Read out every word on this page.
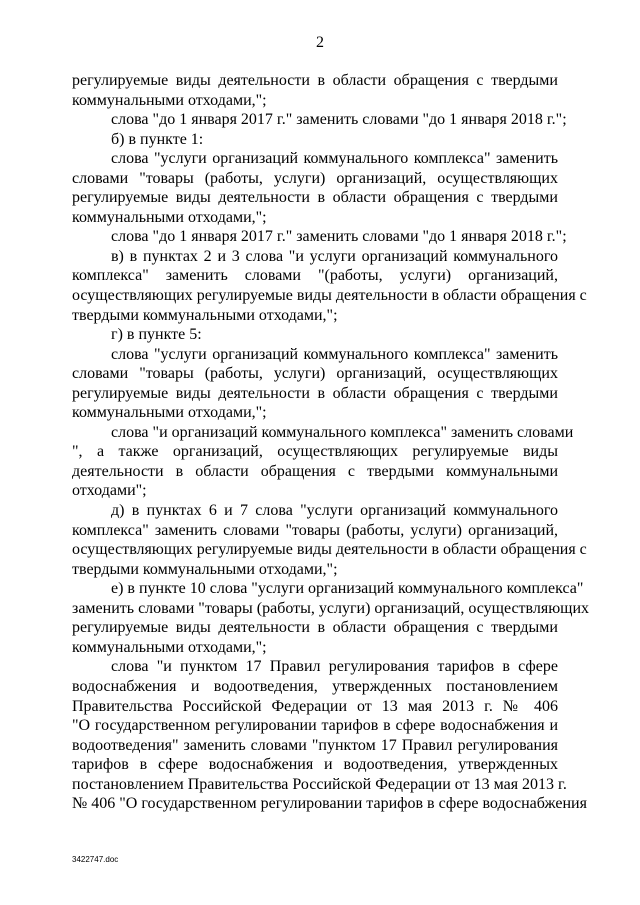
2
регулируемые виды деятельности в области обращения с твердыми
коммунальными отходами,";
слова "до 1 января 2017 г." заменить словами "до 1 января 2018 г.";
б) в пункте 1:
слова "услуги организаций коммунального комплекса" заменить
словами "товары (работы, услуги) организаций, осуществляющих
регулируемые виды деятельности в области обращения с твердыми
коммунальными отходами,";
слова "до 1 января 2017 г." заменить словами "до 1 января 2018 г.";
в) в пунктах 2 и 3 слова "и услуги организаций коммунального
комплекса" заменить словами "(работы, услуги) организаций,
осуществляющих регулируемые виды деятельности в области обращения с
твердыми коммунальными отходами,";
г) в пункте 5:
слова "услуги организаций коммунального комплекса" заменить
словами "товары (работы, услуги) организаций, осуществляющих
регулируемые виды деятельности в области обращения с твердыми
коммунальными отходами,";
слова "и организаций коммунального комплекса" заменить словами
", а также организаций, осуществляющих регулируемые виды
деятельности в области обращения с твердыми коммунальными
отходами";
д) в пунктах 6 и 7 слова "услуги организаций коммунального
комплекса" заменить словами "товары (работы, услуги) организаций,
осуществляющих регулируемые виды деятельности в области обращения с
твердыми коммунальными отходами,";
е) в пункте 10 слова "услуги организаций коммунального комплекса"
заменить словами "товары (работы, услуги) организаций, осуществляющих
регулируемые виды деятельности в области обращения с твердыми
коммунальными отходами,";
слова "и пунктом 17 Правил регулирования тарифов в сфере
водоснабжения и водоотведения, утвержденных постановлением
Правительства Российской Федерации от 13 мая 2013 г. № 406
"О государственном регулировании тарифов в сфере водоснабжения и
водоотведения" заменить словами "пунктом 17 Правил регулирования
тарифов в сфере водоснабжения и водоотведения, утвержденных
постановлением Правительства Российской Федерации от 13 мая 2013 г.
№ 406 "О государственном регулировании тарифов в сфере водоснабжения
3422747.doc
